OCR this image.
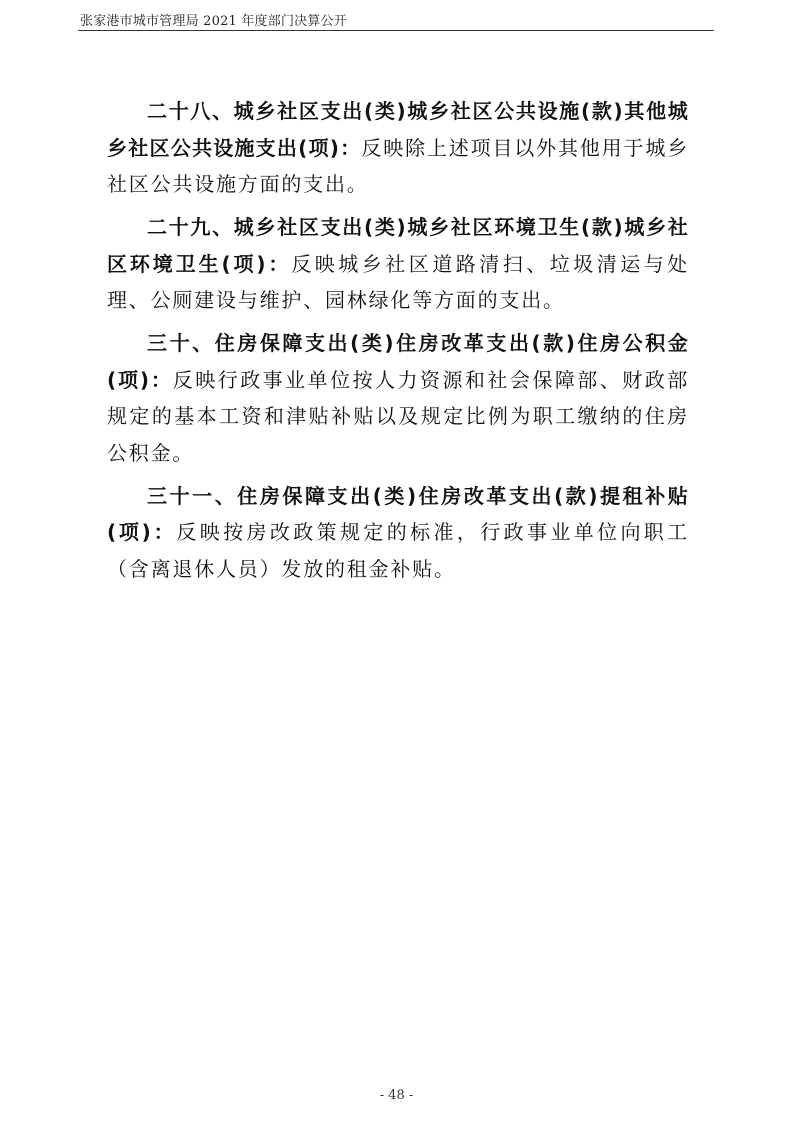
张家港市城市管理局 2021 年度部门决算公开

二十八、城乡社区支出(类)城乡社区公共设施(款)其他城乡社区公共设施支出(项)：反映除上述项目以外其他用于城乡社区公共设施方面的支出。

二十九、城乡社区支出(类)城乡社区环境卫生(款)城乡社区环境卫生(项)：反映城乡社区道路清扫、垃圾清运与处理、公厕建设与维护、园林绿化等方面的支出。

三十、住房保障支出(类)住房改革支出(款)住房公积金(项)：反映行政事业单位按人力资源和社会保障部、财政部规定的基本工资和津贴补贴以及规定比例为职工缴纳的住房公积金。

三十一、住房保障支出(类)住房改革支出(款)提租补贴(项)：反映按房改政策规定的标准，行政事业单位向职工（含离退休人员）发放的租金补贴。

- 48 -
